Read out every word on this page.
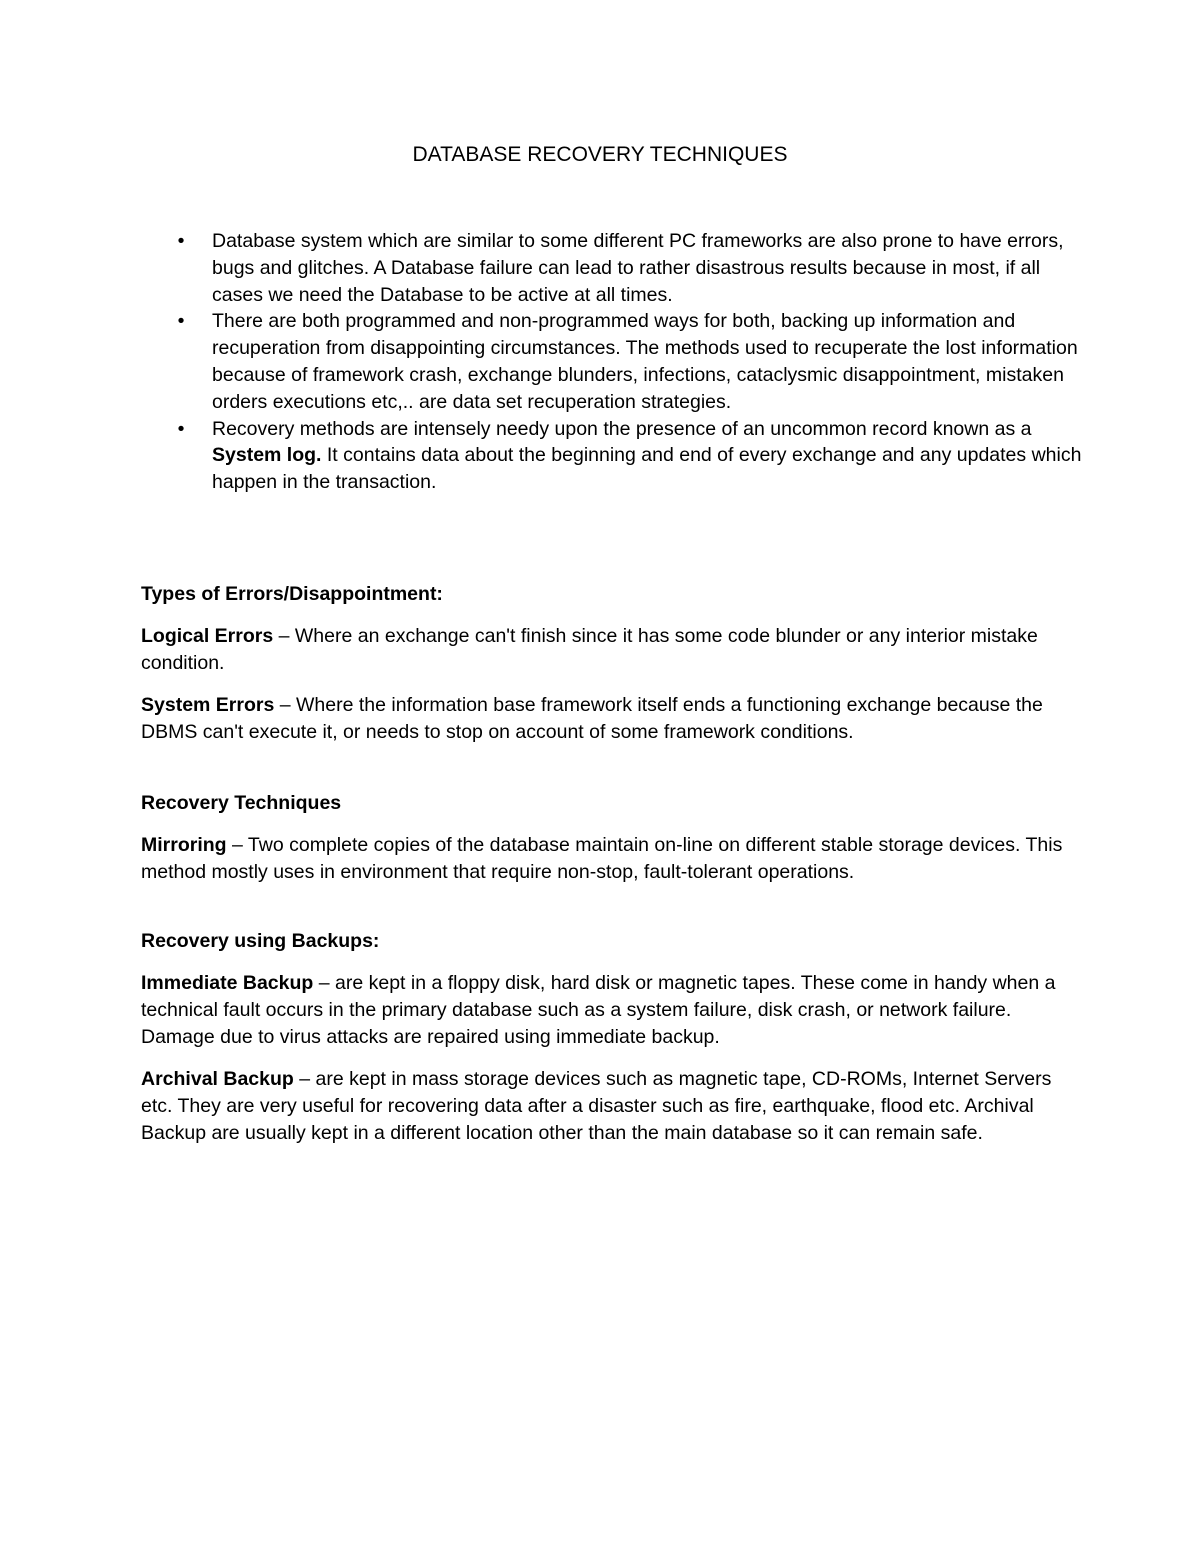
DATABASE RECOVERY TECHNIQUES
• Database system which are similar to some different PC frameworks are also prone to have errors, bugs and glitches. A Database failure can lead to rather disastrous results because in most, if all cases we need the Database to be active at all times.
• There are both programmed and non-programmed ways for both, backing up information and recuperation from disappointing circumstances. The methods used to recuperate the lost information because of framework crash, exchange blunders, infections, cataclysmic disappointment, mistaken orders executions etc,.. are data set recuperation strategies.
• Recovery methods are intensely needy upon the presence of an uncommon record known as a System log. It contains data about the beginning and end of every exchange and any updates which happen in the transaction.

Types of Errors/Disappointment:

Logical Errors – Where an exchange can't finish since it has some code blunder or any interior mistake condition.

System Errors – Where the information base framework itself ends a functioning exchange because the DBMS can't execute it, or needs to stop on account of some framework conditions.

Recovery Techniques

Mirroring – Two complete copies of the database maintain on-line on different stable storage devices. This method mostly uses in environment that require non-stop, fault-tolerant operations.

Recovery using Backups:

Immediate Backup – are kept in a floppy disk, hard disk or magnetic tapes. These come in handy when a technical fault occurs in the primary database such as a system failure, disk crash, or network failure. Damage due to virus attacks are repaired using immediate backup.

Archival Backup – are kept in mass storage devices such as magnetic tape, CD-ROMs, Internet Servers etc. They are very useful for recovering data after a disaster such as fire, earthquake, flood etc. Archival Backup are usually kept in a different location other than the main database so it can remain safe.
